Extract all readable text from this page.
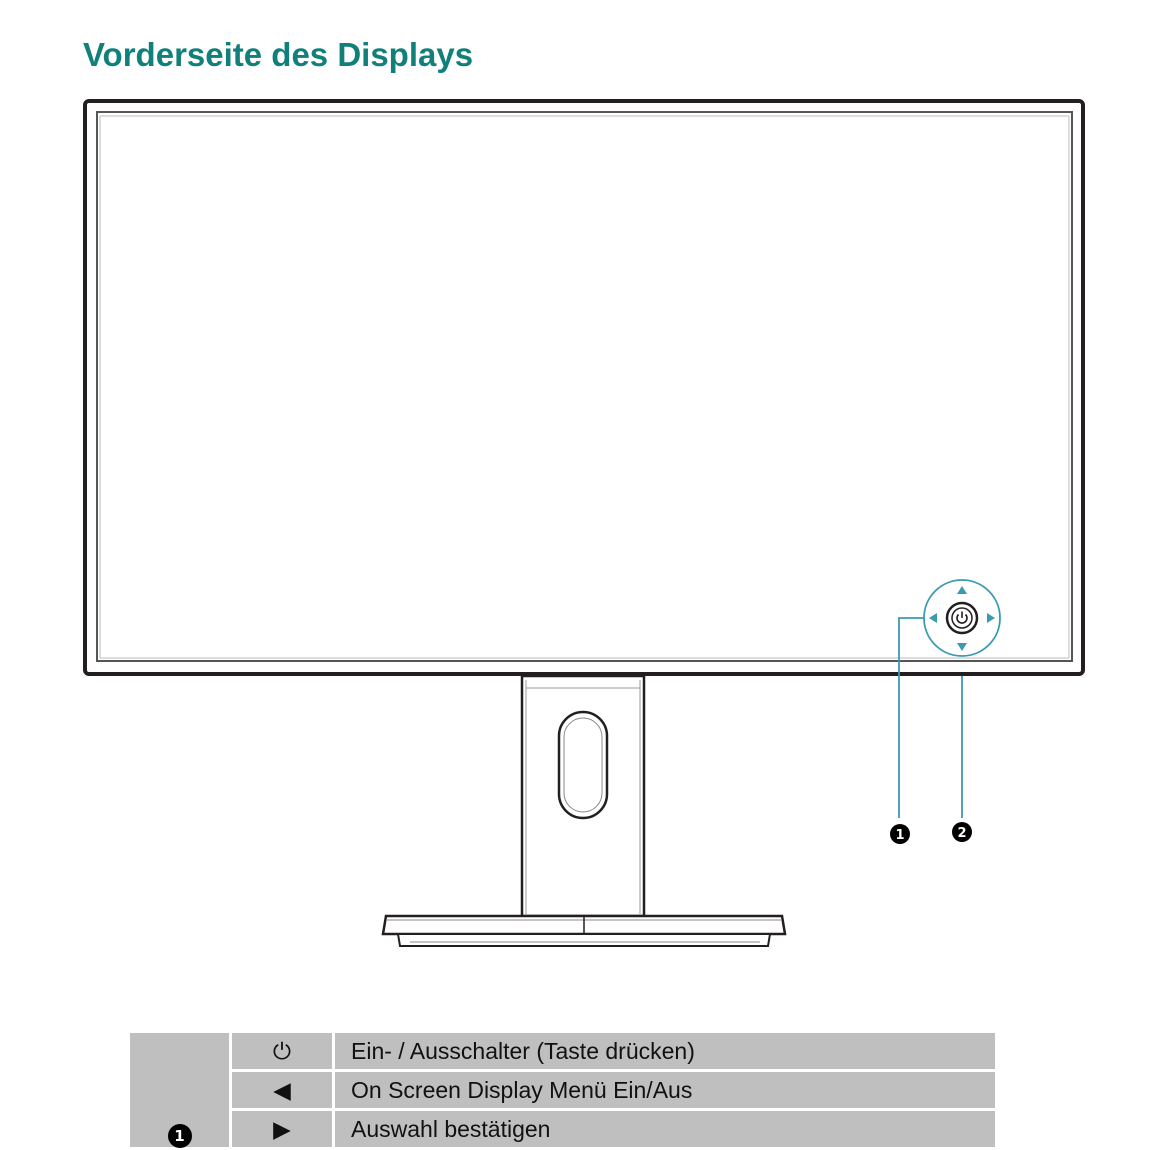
Vorderseite des Displays
1	2
1	⏻	Ein- / Ausschalter (Taste drücken)
	◀	On Screen Display Menü Ein/Aus
	▶	Auswahl bestätigen
